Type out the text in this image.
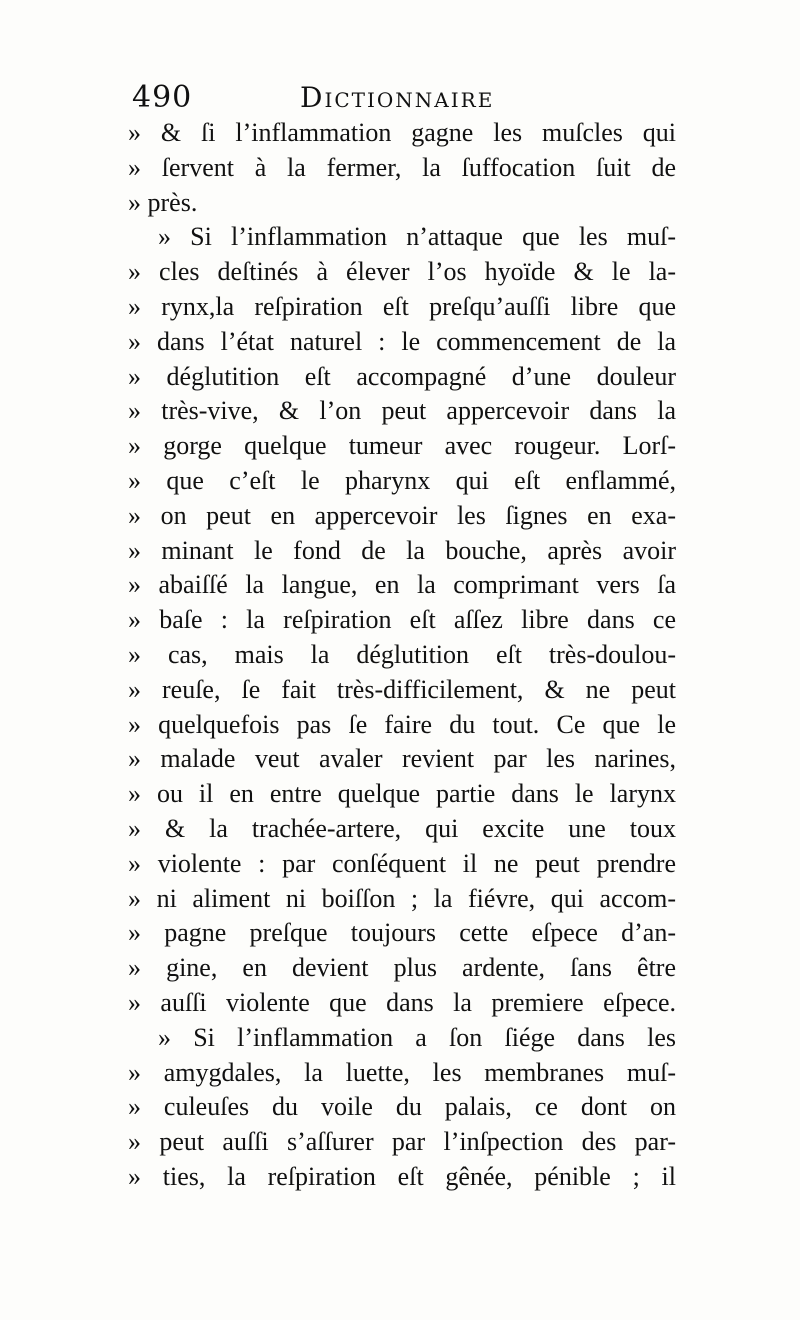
490	Dictionnaire
» & ſi l’inflammation gagne les muſcles qui
» ſervent à la fermer, la ſuffocation ſuit de
» près.
» Si l’inflammation n’attaque que les muſ-
» cles deſtinés à élever l’os hyoïde & le la-
» rynx,la reſpiration eſt preſqu’auſſi libre que
» dans l’état naturel : le commencement de la
» déglutition eſt accompagné d’une douleur
» très-vive, & l’on peut appercevoir dans la
» gorge quelque tumeur avec rougeur. Lorſ-
» que c’eſt le pharynx qui eſt enflammé,
» on peut en appercevoir les ſignes en exa-
» minant le fond de la bouche, après avoir
» abaiſſé la langue, en la comprimant vers ſa
» baſe : la reſpiration eſt aſſez libre dans ce
» cas, mais la déglutition eſt très-doulou-
» reuſe, ſe fait très-difficilement, & ne peut
» quelquefois pas ſe faire du tout. Ce que le
» malade veut avaler revient par les narines,
» ou il en entre quelque partie dans le larynx
» & la trachée-artere, qui excite une toux
» violente : par conſéquent il ne peut prendre
» ni aliment ni boiſſon ; la fiévre, qui accom-
» pagne preſque toujours cette eſpece d’an-
» gine, en devient plus ardente, ſans être
» auſſi violente que dans la premiere eſpece.
» Si l’inflammation a ſon ſiége dans les
» amygdales, la luette, les membranes muſ-
» culeuſes du voile du palais, ce dont on
» peut auſſi s’aſſurer par l’inſpection des par-
» ties, la reſpiration eſt gênée, pénible ; il
